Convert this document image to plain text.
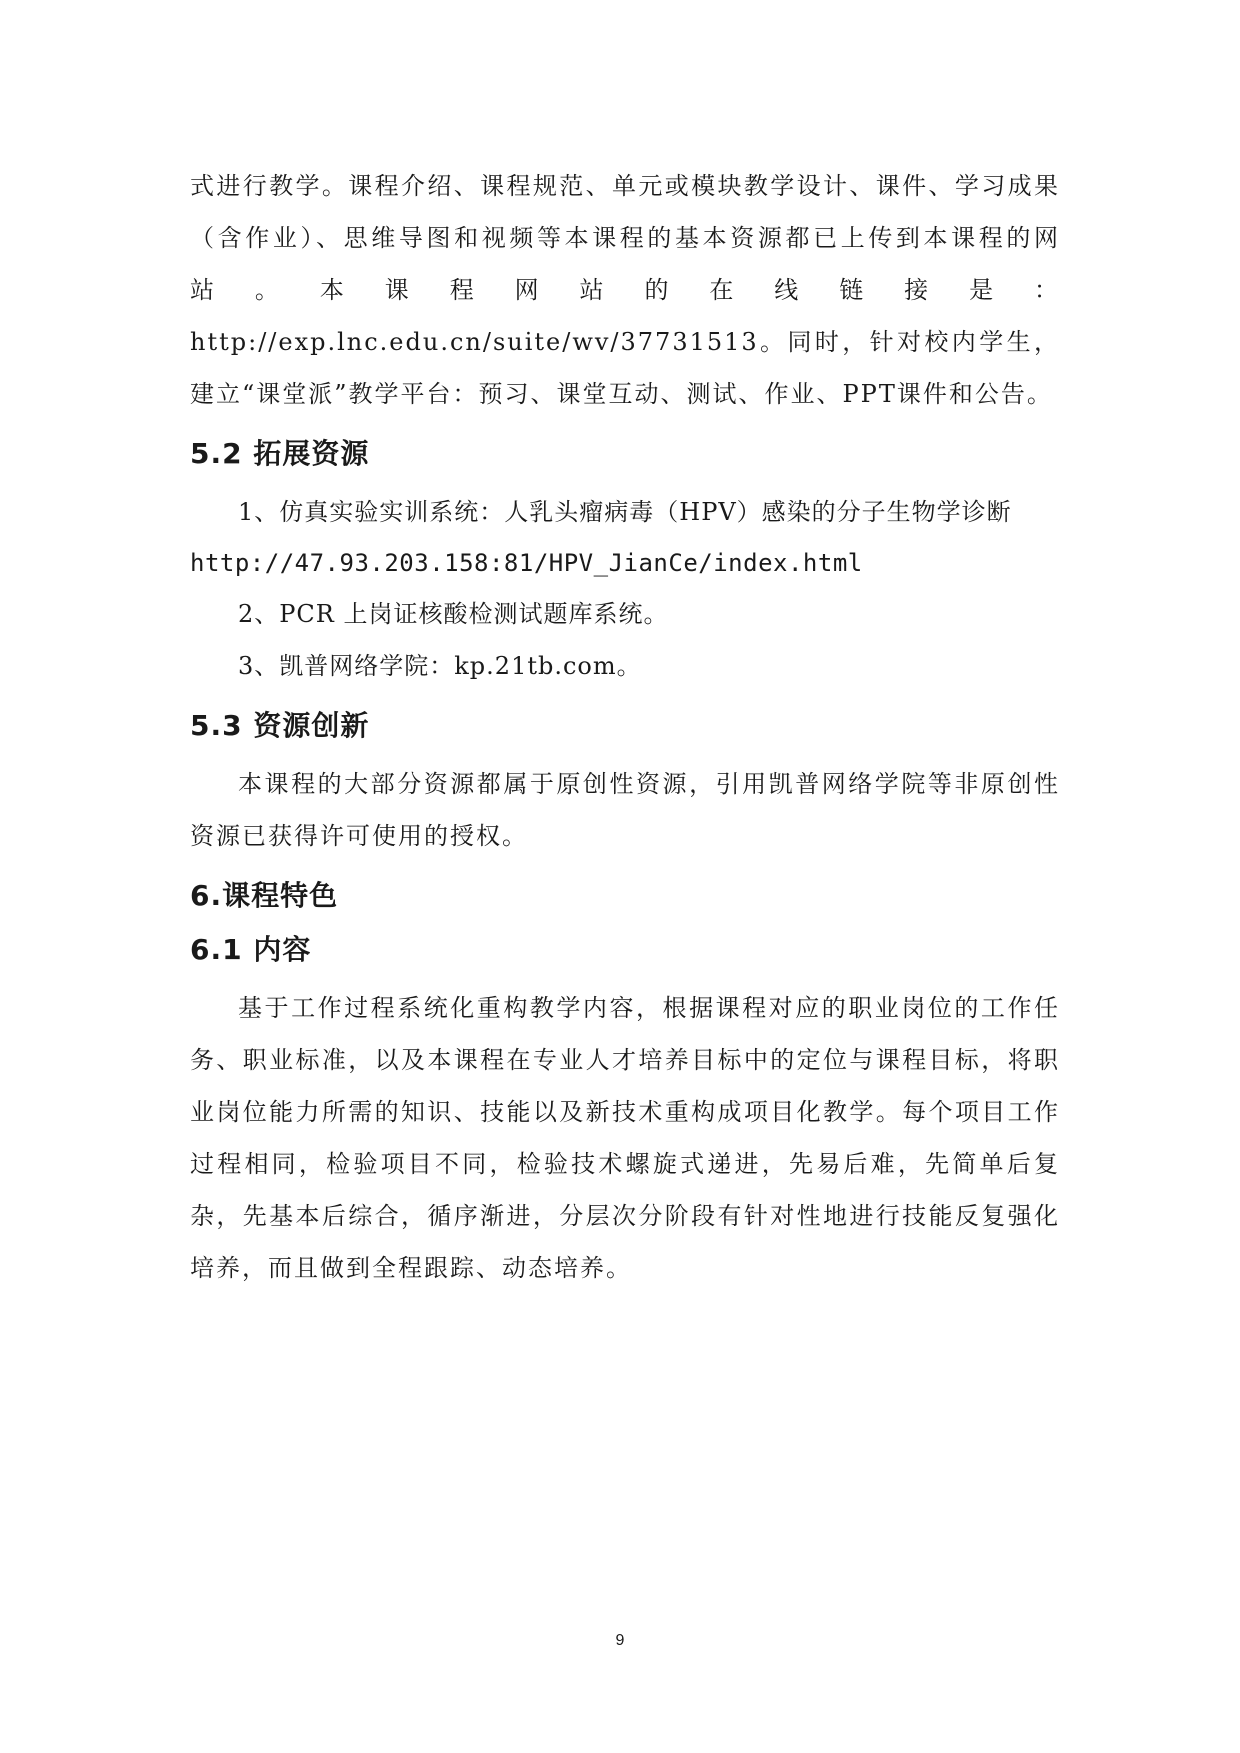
式进行教学。课程介绍、课程规范、单元或模块教学设计、课件、学习成果（含作业）、思维导图和视频等本课程的基本资源都已上传到本课程的网站。本课程网站的在线链接是：http://exp.lnc.edu.cn/suite/wv/37731513。同时，针对校内学生，建立“课堂派”教学平台：预习、课堂互动、测试、作业、PPT课件和公告。

5.2 拓展资源

1、仿真实验实训系统：人乳头瘤病毒（HPV）感染的分子生物学诊断

http://47.93.203.158:81/HPV_JianCe/index.html

2、PCR 上岗证核酸检测试题库系统。

3、凯普网络学院：kp.21tb.com。

5.3 资源创新

本课程的大部分资源都属于原创性资源，引用凯普网络学院等非原创性资源已获得许可使用的授权。

6.课程特色
6.1 内容

基于工作过程系统化重构教学内容，根据课程对应的职业岗位的工作任务、职业标准，以及本课程在专业人才培养目标中的定位与课程目标，将职业岗位能力所需的知识、技能以及新技术重构成项目化教学。每个项目工作过程相同，检验项目不同，检验技术螺旋式递进，先易后难，先简单后复杂，先基本后综合，循序渐进，分层次分阶段有针对性地进行技能反复强化培养，而且做到全程跟踪、动态培养。

9
